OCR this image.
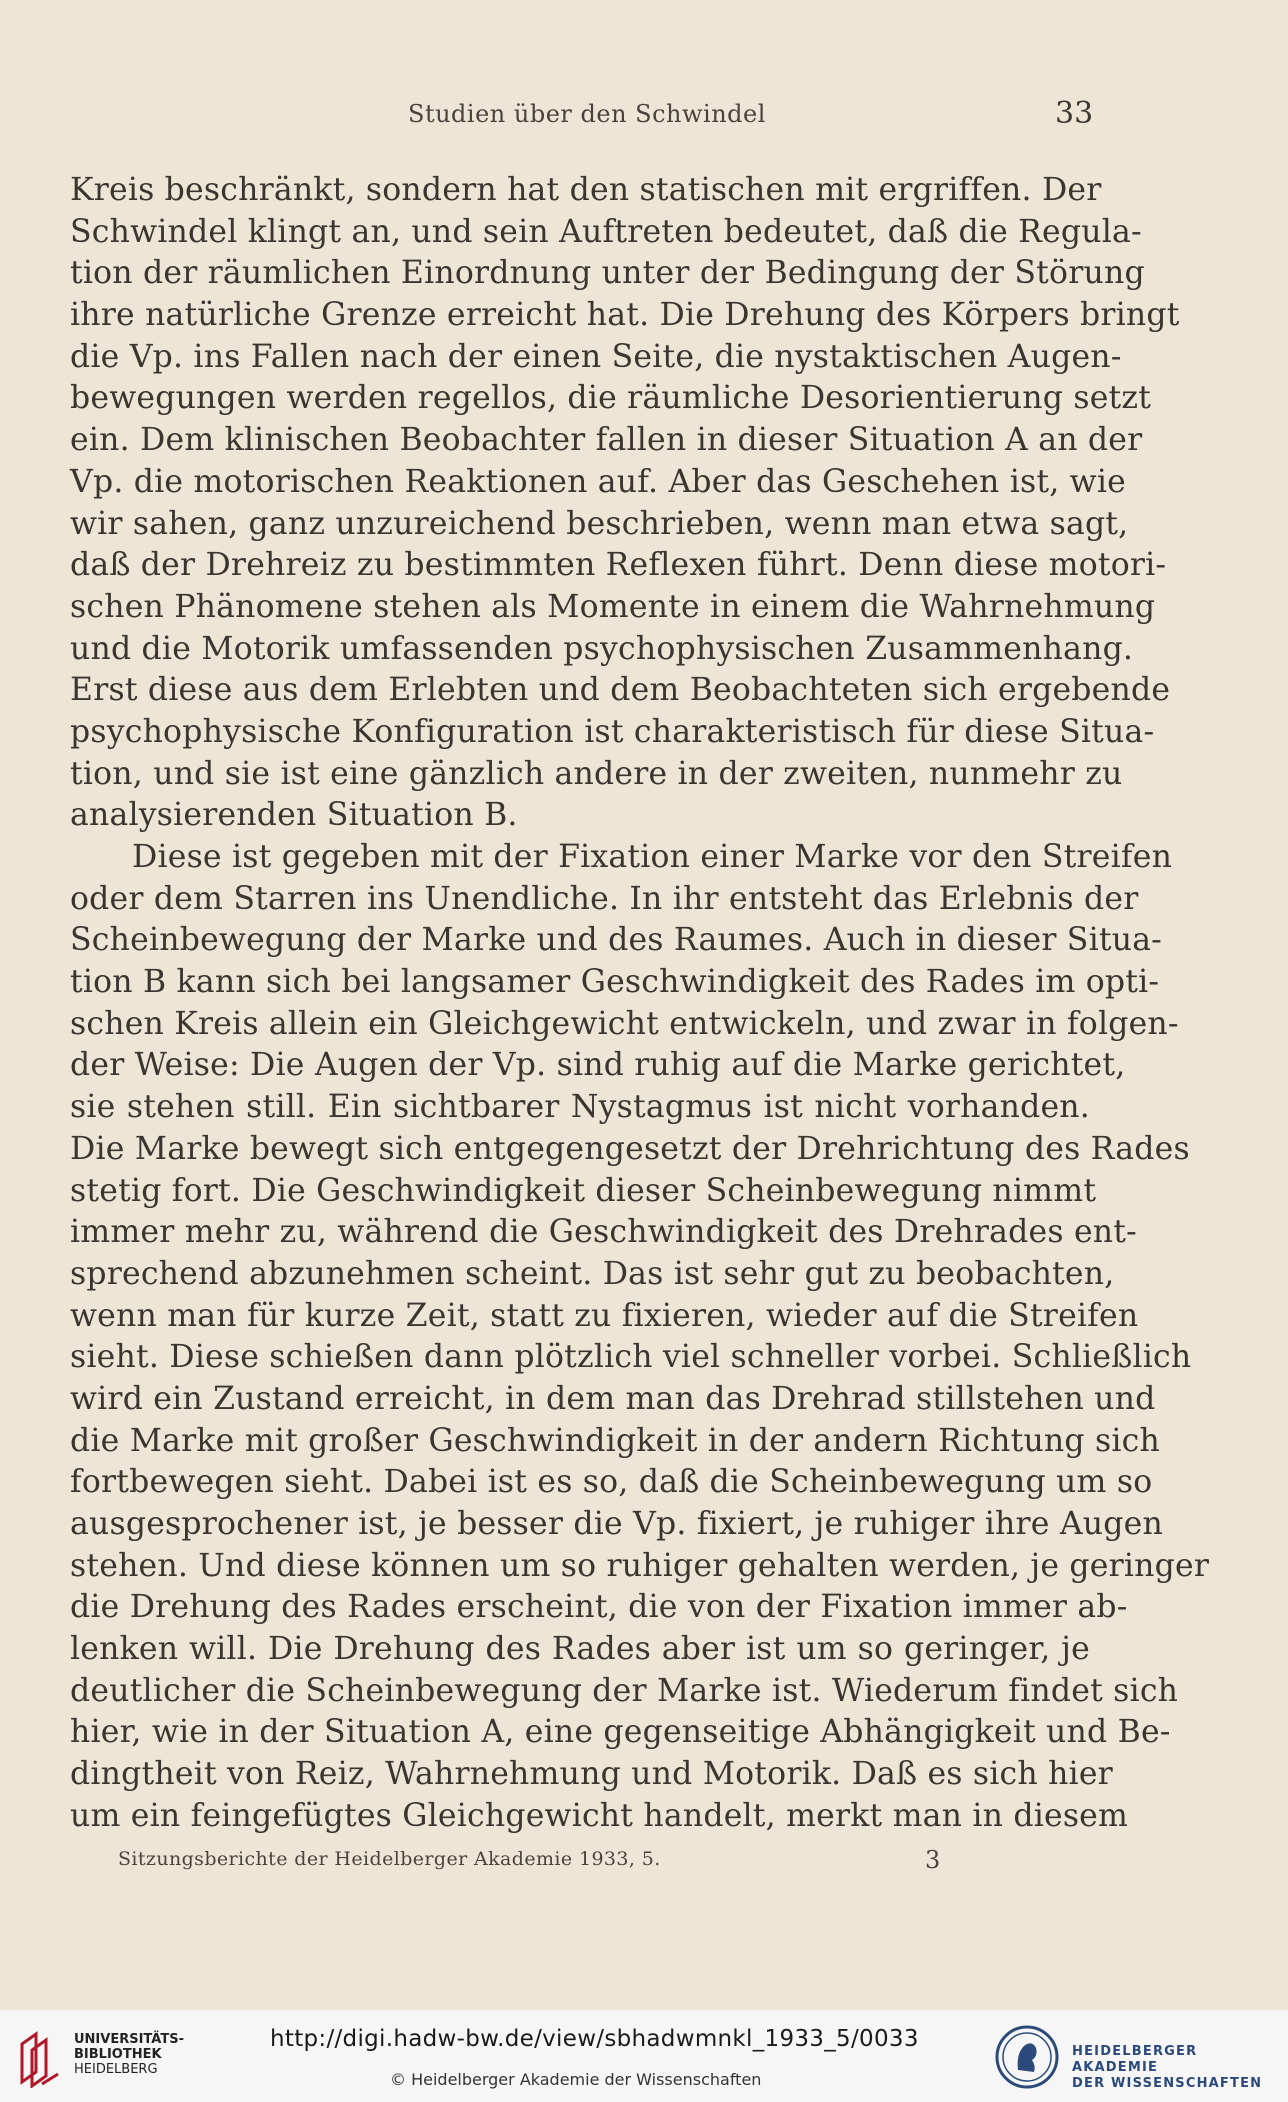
Studien über den Schwindel	33
Kreis beschränkt, sondern hat den statischen mit ergriffen. Der
Schwindel klingt an, und sein Auftreten bedeutet, daß die Regula-
tion der räumlichen Einordnung unter der Bedingung der Störung
ihre natürliche Grenze erreicht hat. Die Drehung des Körpers bringt
die Vp. ins Fallen nach der einen Seite, die nystaktischen Augen-
bewegungen werden regellos, die räumliche Desorientierung setzt
ein. Dem klinischen Beobachter fallen in dieser Situation A an der
Vp. die motorischen Reaktionen auf. Aber das Geschehen ist, wie
wir sahen, ganz unzureichend beschrieben, wenn man etwa sagt,
daß der Drehreiz zu bestimmten Reflexen führt. Denn diese motori-
schen Phänomene stehen als Momente in einem die Wahrnehmung
und die Motorik umfassenden psychophysischen Zusammenhang.
Erst diese aus dem Erlebten und dem Beobachteten sich ergebende
psychophysische Konfiguration ist charakteristisch für diese Situa-
tion, und sie ist eine gänzlich andere in der zweiten, nunmehr zu
analysierenden Situation B.
Diese ist gegeben mit der Fixation einer Marke vor den Streifen
oder dem Starren ins Unendliche. In ihr entsteht das Erlebnis der
Scheinbewegung der Marke und des Raumes. Auch in dieser Situa-
tion B kann sich bei langsamer Geschwindigkeit des Rades im opti-
schen Kreis allein ein Gleichgewicht entwickeln, und zwar in folgen-
der Weise: Die Augen der Vp. sind ruhig auf die Marke gerichtet,
sie stehen still. Ein sichtbarer Nystagmus ist nicht vorhanden.
Die Marke bewegt sich entgegengesetzt der Drehrichtung des Rades
stetig fort. Die Geschwindigkeit dieser Scheinbewegung nimmt
immer mehr zu, während die Geschwindigkeit des Drehrades ent-
sprechend abzunehmen scheint. Das ist sehr gut zu beobachten,
wenn man für kurze Zeit, statt zu fixieren, wieder auf die Streifen
sieht. Diese schießen dann plötzlich viel schneller vorbei. Schließlich
wird ein Zustand erreicht, in dem man das Drehrad stillstehen und
die Marke mit großer Geschwindigkeit in der andern Richtung sich
fortbewegen sieht. Dabei ist es so, daß die Scheinbewegung um so
ausgesprochener ist, je besser die Vp. fixiert, je ruhiger ihre Augen
stehen. Und diese können um so ruhiger gehalten werden, je geringer
die Drehung des Rades erscheint, die von der Fixation immer ab-
lenken will. Die Drehung des Rades aber ist um so geringer, je
deutlicher die Scheinbewegung der Marke ist. Wiederum findet sich
hier, wie in der Situation A, eine gegenseitige Abhängigkeit und Be-
dingtheit von Reiz, Wahrnehmung und Motorik. Daß es sich hier
um ein feingefügtes Gleichgewicht handelt, merkt man in diesem
Sitzungsberichte der Heidelberger Akademie 1933, 5.	3
UNIVERSITÄTS-
BIBLIOTHEK
HEIDELBERG
http://digi.hadw-bw.de/view/sbhadwmnkl_1933_5/0033
© Heidelberger Akademie der Wissenschaften
HEIDELBERGER AKADEMIE
DER WISSENSCHAFTEN
